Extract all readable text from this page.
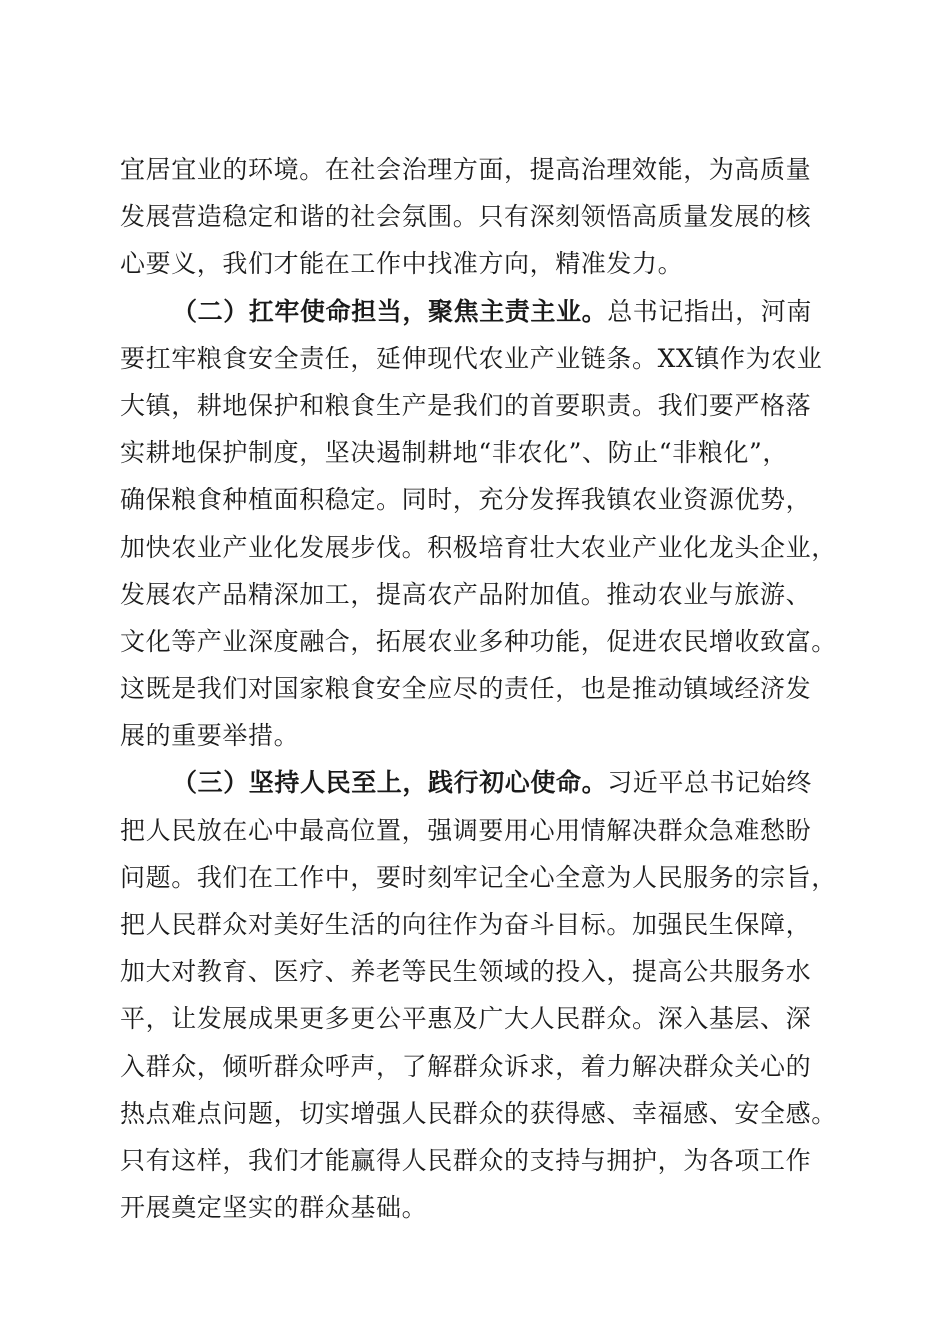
宜居宜业的环境。在社会治理方面，提高治理效能，为高质量
发展营造稳定和谐的社会氛围。只有深刻领悟高质量发展的核
心要义，我们才能在工作中找准方向，精准发力。
（二）扛牢使命担当，聚焦主责主业。总书记指出，河南
要扛牢粮食安全责任，延伸现代农业产业链条。XX镇作为农业
大镇，耕地保护和粮食生产是我们的首要职责。我们要严格落
实耕地保护制度，坚决遏制耕地“非农化”、防止“非粮化”，
确保粮食种植面积稳定。同时，充分发挥我镇农业资源优势，
加快农业产业化发展步伐。积极培育壮大农业产业化龙头企业，
发展农产品精深加工，提高农产品附加值。推动农业与旅游、
文化等产业深度融合，拓展农业多种功能，促进农民增收致富。
这既是我们对国家粮食安全应尽的责任，也是推动镇域经济发
展的重要举措。
（三）坚持人民至上，践行初心使命。习近平总书记始终
把人民放在心中最高位置，强调要用心用情解决群众急难愁盼
问题。我们在工作中，要时刻牢记全心全意为人民服务的宗旨，
把人民群众对美好生活的向往作为奋斗目标。加强民生保障，
加大对教育、医疗、养老等民生领域的投入，提高公共服务水
平，让发展成果更多更公平惠及广大人民群众。深入基层、深
入群众，倾听群众呼声，了解群众诉求，着力解决群众关心的
热点难点问题，切实增强人民群众的获得感、幸福感、安全感。
只有这样，我们才能赢得人民群众的支持与拥护，为各项工作
开展奠定坚实的群众基础。
